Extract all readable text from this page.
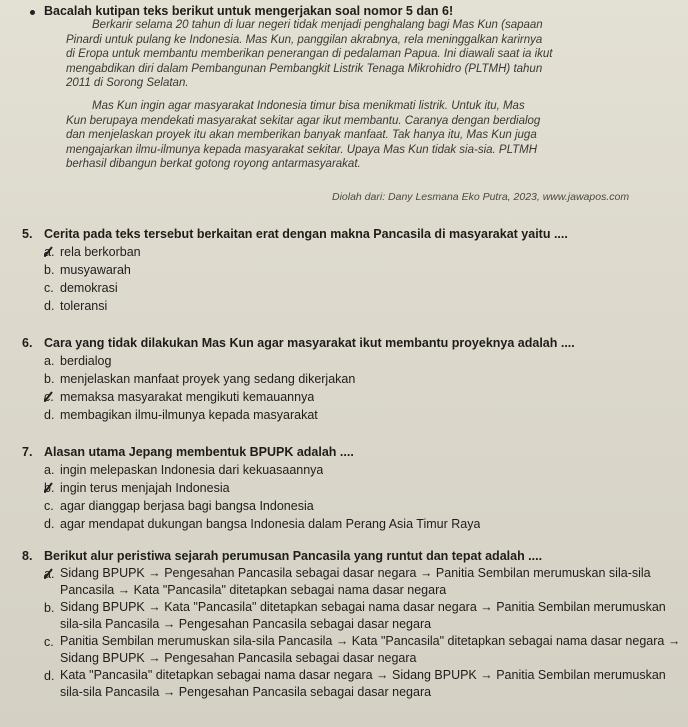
Bacalah kutipan teks berikut untuk mengerjakan soal nomor 5 dan 6!
Berkarir selama 20 tahun di luar negeri tidak menjadi penghalang bagi Mas Kun (sapaan
Pinardi untuk pulang ke Indonesia. Mas Kun, panggilan akrabnya, rela meninggalkan karirnya
di Eropa untuk membantu memberikan penerangan di pedalaman Papua. Ini diawali saat ia ikut
mengabdikan diri dalam Pembangunan Pembangkit Listrik Tenaga Mikrohidro (PLTMH) tahun
2011 di Sorong Selatan.
Mas Kun ingin agar masyarakat Indonesia timur bisa menikmati listrik. Untuk itu, Mas
Kun berupaya mendekati masyarakat sekitar agar ikut membantu. Caranya dengan berdialog
dan menjelaskan proyek itu akan memberikan banyak manfaat. Tak hanya itu, Mas Kun juga
mengajarkan ilmu-ilmunya kepada masyarakat sekitar. Upaya Mas Kun tidak sia-sia. PLTMH
berhasil dibangun berkat gotong royong antarmasyarakat.
Diolah dari: Dany Lesmana Eko Putra, 2023, www.jawapos.com
5. Cerita pada teks tersebut berkaitan erat dengan makna Pancasila di masyarakat yaitu ....
a. rela berkorban
b. musyawarah
c. demokrasi
d. toleransi
6. Cara yang tidak dilakukan Mas Kun agar masyarakat ikut membantu proyeknya adalah ....
a. berdialog
b. menjelaskan manfaat proyek yang sedang dikerjakan
c. memaksa masyarakat mengikuti kemauannya
d. membagikan ilmu-ilmunya kepada masyarakat
7. Alasan utama Jepang membentuk BPUPK adalah ....
a. ingin melepaskan Indonesia dari kekuasaannya
b. ingin terus menjajah Indonesia
c. agar dianggap berjasa bagi bangsa Indonesia
d. agar mendapat dukungan bangsa Indonesia dalam Perang Asia Timur Raya
8. Berikut alur peristiwa sejarah perumusan Pancasila yang runtut dan tepat adalah ....
a. Sidang BPUPK → Pengesahan Pancasila sebagai dasar negara → Panitia Sembilan merumuskan sila-sila Pancasila → Kata "Pancasila" ditetapkan sebagai nama dasar negara
b. Sidang BPUPK → Kata "Pancasila" ditetapkan sebagai nama dasar negara → Panitia Sembilan merumuskan sila-sila Pancasila → Pengesahan Pancasila sebagai dasar negara
c. Panitia Sembilan merumuskan sila-sila Pancasila → Kata "Pancasila" ditetapkan sebagai nama dasar negara → Sidang BPUPK → Pengesahan Pancasila sebagai dasar negara
d. Kata "Pancasila" ditetapkan sebagai nama dasar negara → Sidang BPUPK → Panitia Sembilan merumuskan sila-sila Pancasila → Pengesahan Pancasila sebagai dasar negara
